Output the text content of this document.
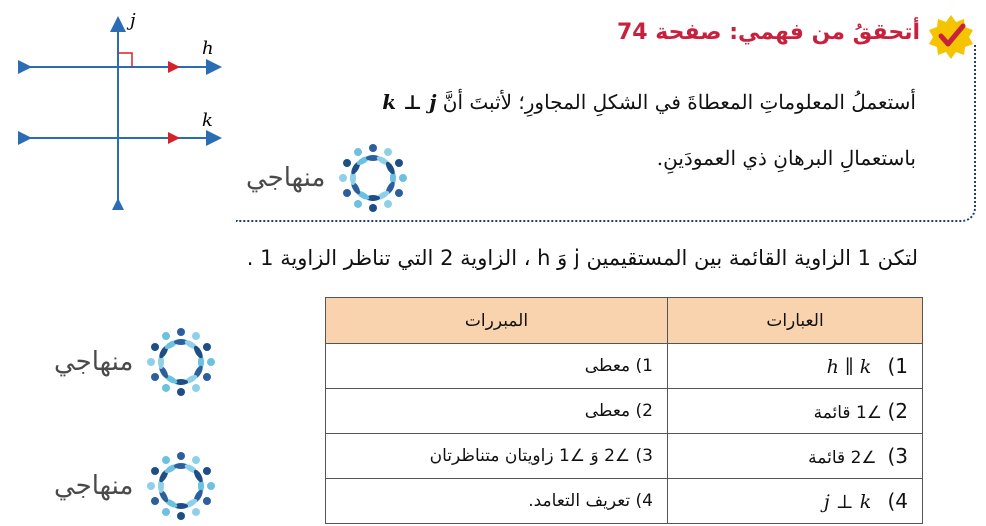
أتحققُ من فهمي: صفحة 74
أستعملُ المعلوماتِ المعطاةَ في الشكلِ المجاورِ؛ لأثبتَ أنَّ k ⊥ j
باستعمالِ البرهانِ ذي العمودَينِ.
j
h
k
منهاجي
لتكن 1 الزاوية القائمة بين المستقيمين j وَ h ، الزاوية 2 التي تناظر الزاوية 1 .
منهاجي
منهاجي
العبارات	المبررات
1)   h ∥ k	1) معطى
2) ∠1 قائمة	2) معطى
3)  ∠2 قائمة	3) ∠2 وَ ∠1 زاويتان متناظرتان
4)   j ⊥ k	4) تعريف التعامد.
